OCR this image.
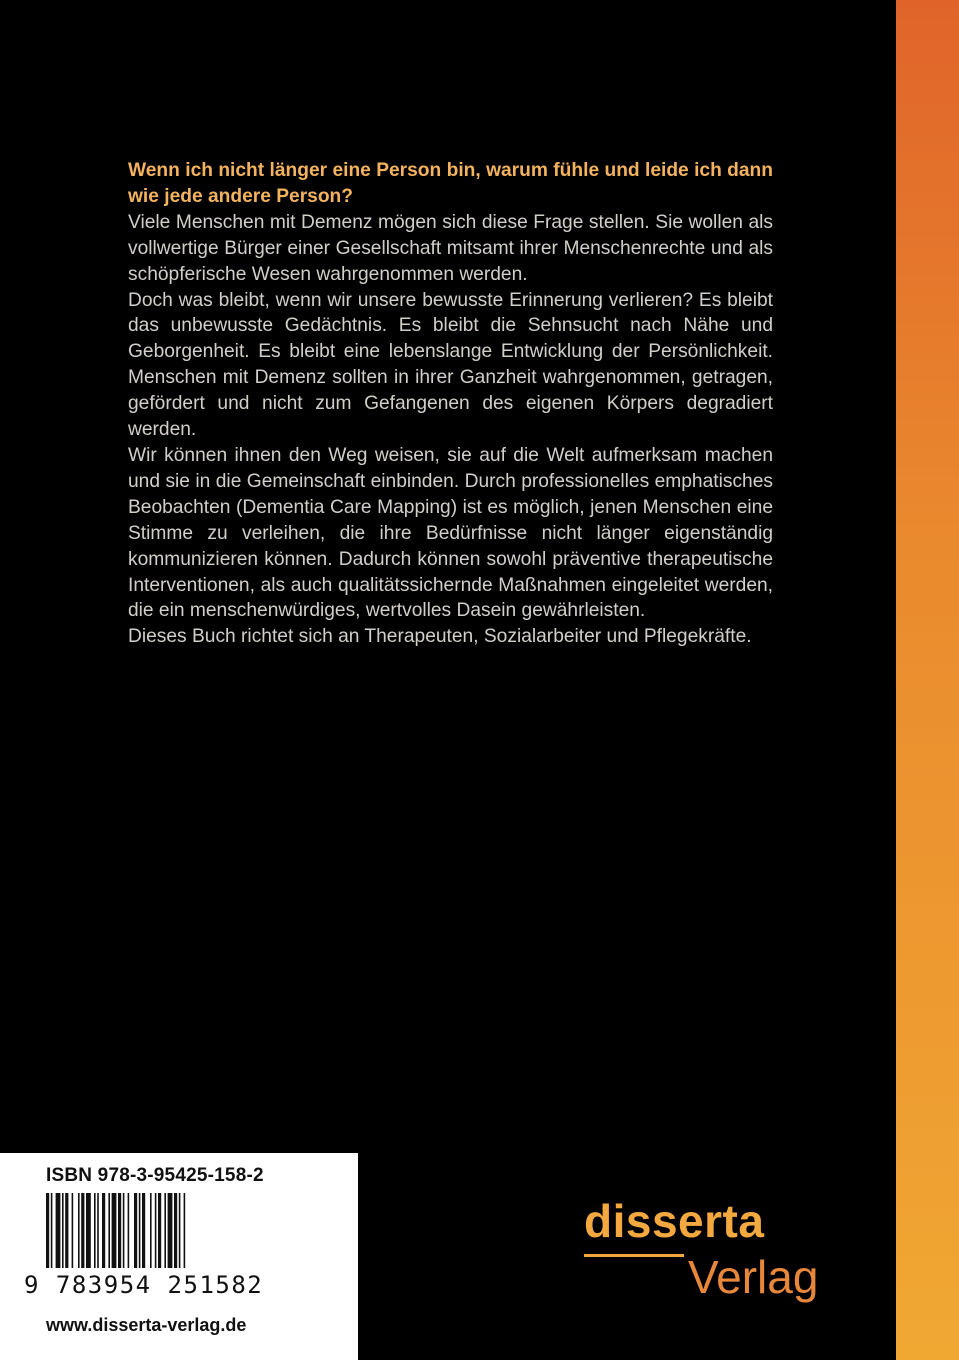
Wenn ich nicht länger eine Person bin, warum fühle und leide ich dann wie jede andere Person?

Viele Menschen mit Demenz mögen sich diese Frage stellen. Sie wollen als vollwertige Bürger einer Gesellschaft mitsamt ihrer Menschenrechte und als schöpferische Wesen wahrgenommen werden.

Doch was bleibt, wenn wir unsere bewusste Erinnerung verlieren? Es bleibt das unbewusste Gedächtnis. Es bleibt die Sehnsucht nach Nähe und Geborgenheit. Es bleibt eine lebenslange Entwicklung der Persönlichkeit. Menschen mit Demenz sollten in ihrer Ganzheit wahrgenommen, getragen, gefördert und nicht zum Gefangenen des eigenen Körpers degradiert werden.

Wir können ihnen den Weg weisen, sie auf die Welt aufmerksam machen und sie in die Gemeinschaft einbinden. Durch professionelles emphatisches Beobachten (Dementia Care Mapping) ist es möglich, jenen Menschen eine Stimme zu verleihen, die ihre Bedürfnisse nicht länger eigenständig kommunizieren können. Dadurch können sowohl präventive therapeutische Interventionen, als auch qualitätssichernde Maßnahmen eingeleitet werden, die ein menschenwürdiges, wertvolles Dasein gewährleisten.

Dieses Buch richtet sich an Therapeuten, Sozialarbeiter und Pflegekräfte.

ISBN 978-3-95425-158-2
9 783954 251582
www.disserta-verlag.de
disserta
Verlag
